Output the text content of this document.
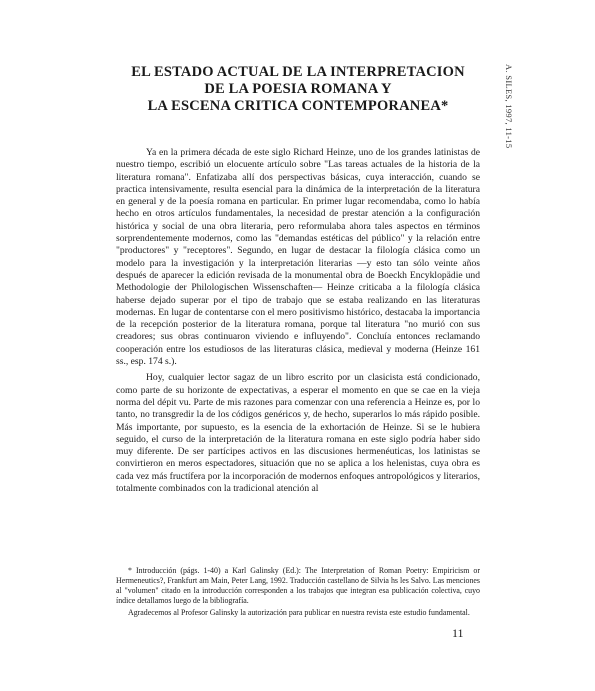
A. SILES, 1997, 11-15
EL ESTADO ACTUAL DE LA INTERPRETACION
DE LA POESIA ROMANA Y
LA ESCENA CRITICA CONTEMPORANEA*

Ya en la primera década de este siglo Richard Heinze, uno de los grandes latinistas de nuestro tiempo, escribió un elocuente artículo sobre "Las tareas actuales de la historia de la literatura romana". Enfatizaba allí dos perspectivas básicas, cuya interacción, cuando se practica intensivamente, resulta esencial para la dinámica de la interpretación de la literatura en general y de la poesía romana en particular. En primer lugar recomendaba, como lo había hecho en otros artículos fundamentales, la necesidad de prestar atención a la configuración histórica y social de una obra literaria, pero reformulaba ahora tales aspectos en términos sorprendentemente modernos, como las "demandas estéticas del público" y la relación entre "productores" y "receptores". Segundo, en lugar de destacar la filología clásica como un modelo para la investigación y la interpretación literarias —y esto tan sólo veinte años después de aparecer la edición revisada de la monumental obra de Boeckh Encyklopädie und Methodologie der Philologischen Wissenschaften— Heinze criticaba a la filología clásica haberse dejado superar por el tipo de trabajo que se estaba realizando en las literaturas modernas. En lugar de contentarse con el mero positivismo histórico, destacaba la importancia de la recepción posterior de la literatura romana, porque tal literatura "no murió con sus creadores; sus obras continuaron viviendo e influyendo". Concluía entonces reclamando cooperación entre los estudiosos de las literaturas clásica, medieval y moderna (Heinze 161 ss., esp. 174 s.).

Hoy, cualquier lector sagaz de un libro escrito por un clasicista está condicionado, como parte de su horizonte de expectativas, a esperar el momento en que se cae en la vieja norma del dépit vu. Parte de mis razones para comenzar con una referencia a Heinze es, por lo tanto, no transgredir la de los códigos genéricos y, de hecho, superarlos lo más rápido posible. Más importante, por supuesto, es la esencia de la exhortación de Heinze. Si se le hubiera seguido, el curso de la interpretación de la literatura romana en este siglo podría haber sido muy diferente. De ser partícipes activos en las discusiones hermenéuticas, los latinistas se convirtieron en meros espectadores, situación que no se aplica a los helenistas, cuya obra es cada vez más fructífera por la incorporación de modernos enfoques antropológicos y literarios, totalmente combinados con la tradicional atención al

* Introducción (págs. 1-40) a Karl Galinsky (Ed.): The Interpretation of Roman Poetry: Empiricism or Hermeneutics?, Frankfurt am Main, Peter Lang, 1992. Traducción castellano de Silvia hs les Salvo. Las menciones al "volumen" citado en la introducción corresponden a los trabajos que integran esa publicación colectiva, cuyo índice detallamos luego de la bibliografía.

Agradecemos al Profesor Galinsky la autorización para publicar en nuestra revista este estudio fundamental.

11
